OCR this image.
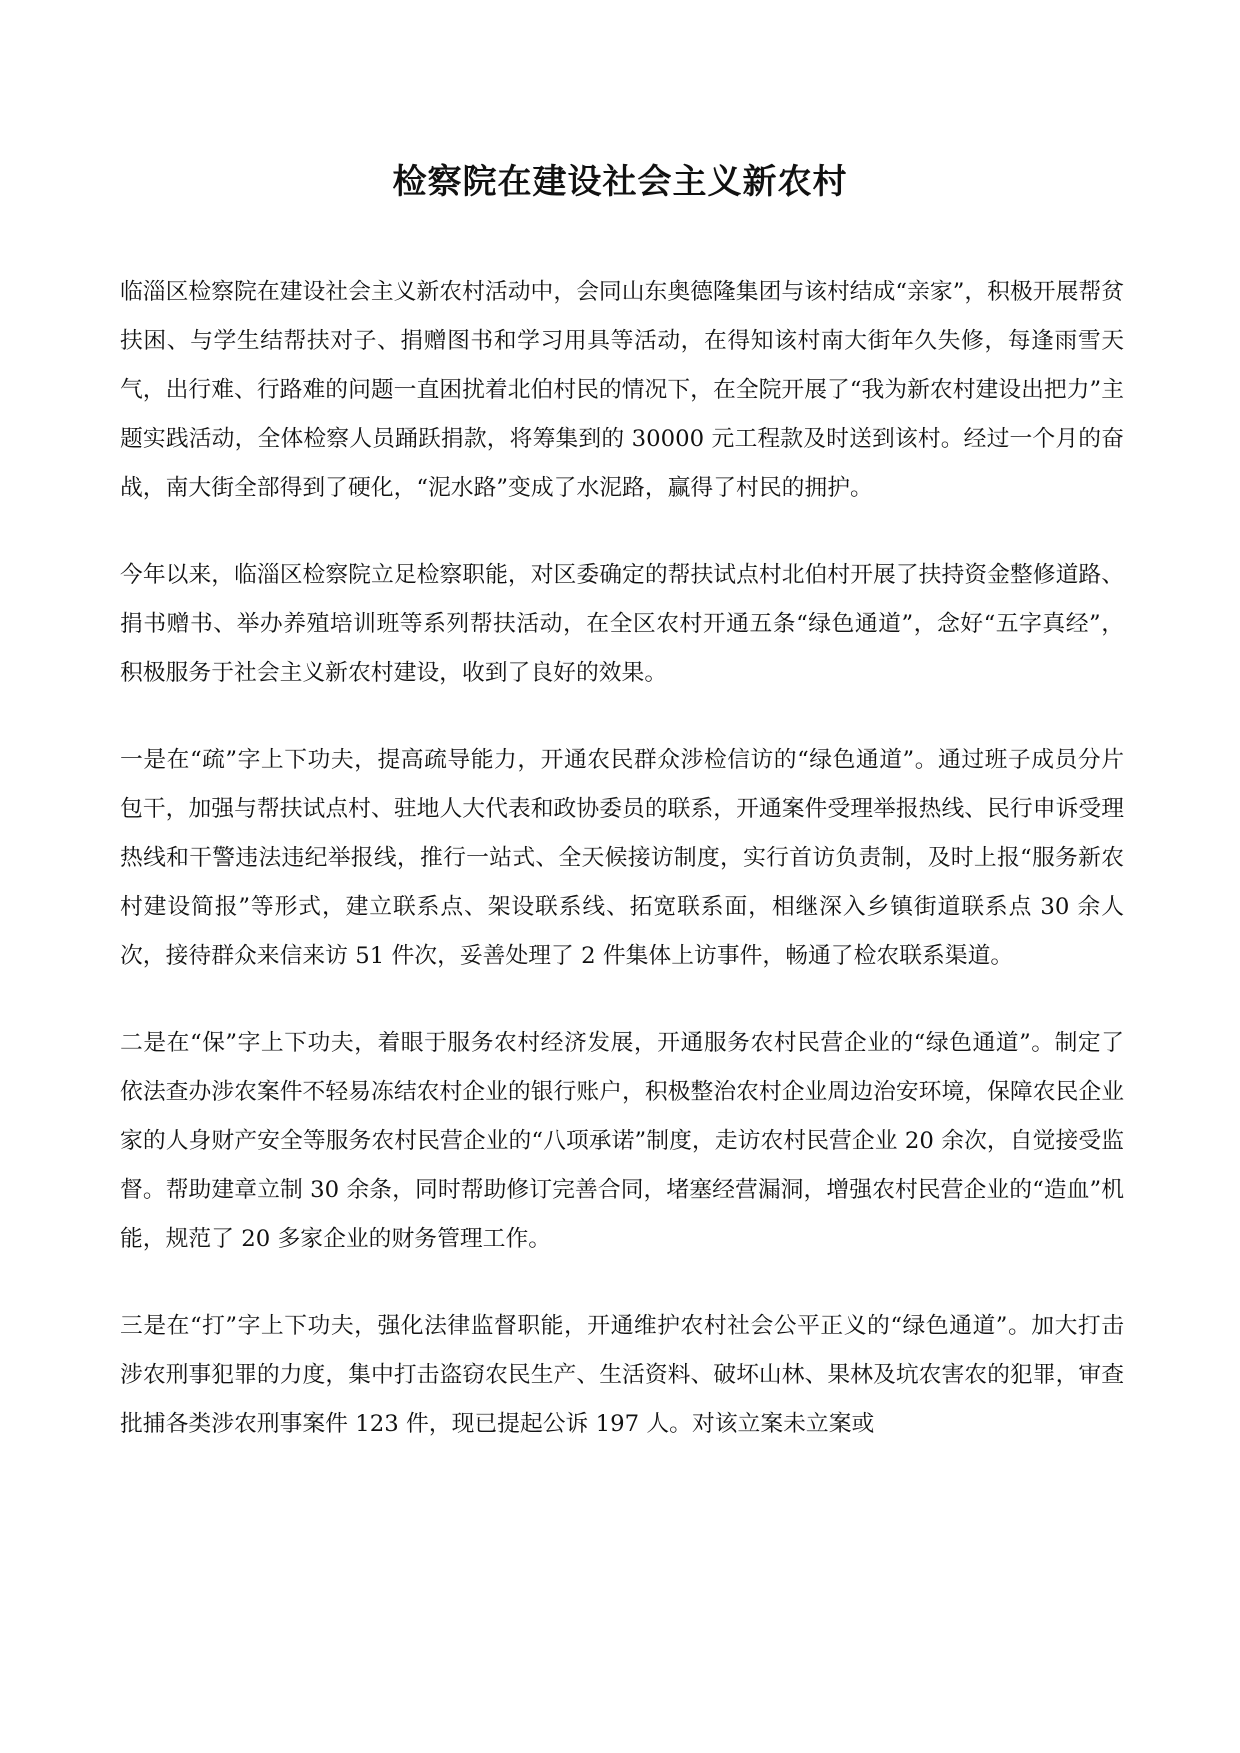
检察院在建设社会主义新农村

临淄区检察院在建设社会主义新农村活动中，会同山东奥德隆集团与该村结成“亲家”，积极开展帮贫扶困、与学生结帮扶对子、捐赠图书和学习用具等活动，在得知该村南大街年久失修，每逢雨雪天气，出行难、行路难的问题一直困扰着北伯村民的情况下，在全院开展了“我为新农村建设出把力”主题实践活动，全体检察人员踊跃捐款，将筹集到的 30000 元工程款及时送到该村。经过一个月的奋战，南大街全部得到了硬化，“泥水路”变成了水泥路，赢得了村民的拥护。

今年以来，临淄区检察院立足检察职能，对区委确定的帮扶试点村北伯村开展了扶持资金整修道路、捐书赠书、举办养殖培训班等系列帮扶活动，在全区农村开通五条“绿色通道”，念好“五字真经”，积极服务于社会主义新农村建设，收到了良好的效果。

一是在“疏”字上下功夫，提高疏导能力，开通农民群众涉检信访的“绿色通道”。通过班子成员分片包干，加强与帮扶试点村、驻地人大代表和政协委员的联系，开通案件受理举报热线、民行申诉受理热线和干警违法违纪举报线，推行一站式、全天候接访制度，实行首访负责制，及时上报“服务新农村建设简报”等形式，建立联系点、架设联系线、拓宽联系面，相继深入乡镇街道联系点 30 余人次，接待群众来信来访 51 件次，妥善处理了 2 件集体上访事件，畅通了检农联系渠道。

二是在“保”字上下功夫，着眼于服务农村经济发展，开通服务农村民营企业的“绿色通道”。制定了依法查办涉农案件不轻易冻结农村企业的银行账户，积极整治农村企业周边治安环境，保障农民企业家的人身财产安全等服务农村民营企业的“八项承诺”制度，走访农村民营企业 20 余次，自觉接受监督。帮助建章立制 30 余条，同时帮助修订完善合同，堵塞经营漏洞，增强农村民营企业的“造血”机能，规范了 20 多家企业的财务管理工作。

三是在“打”字上下功夫，强化法律监督职能，开通维护农村社会公平正义的“绿色通道”。加大打击涉农刑事犯罪的力度，集中打击盗窃农民生产、生活资料、破坏山林、果林及坑农害农的犯罪，审查批捕各类涉农刑事案件 123 件，现已提起公诉 197 人。对该立案未立案或
